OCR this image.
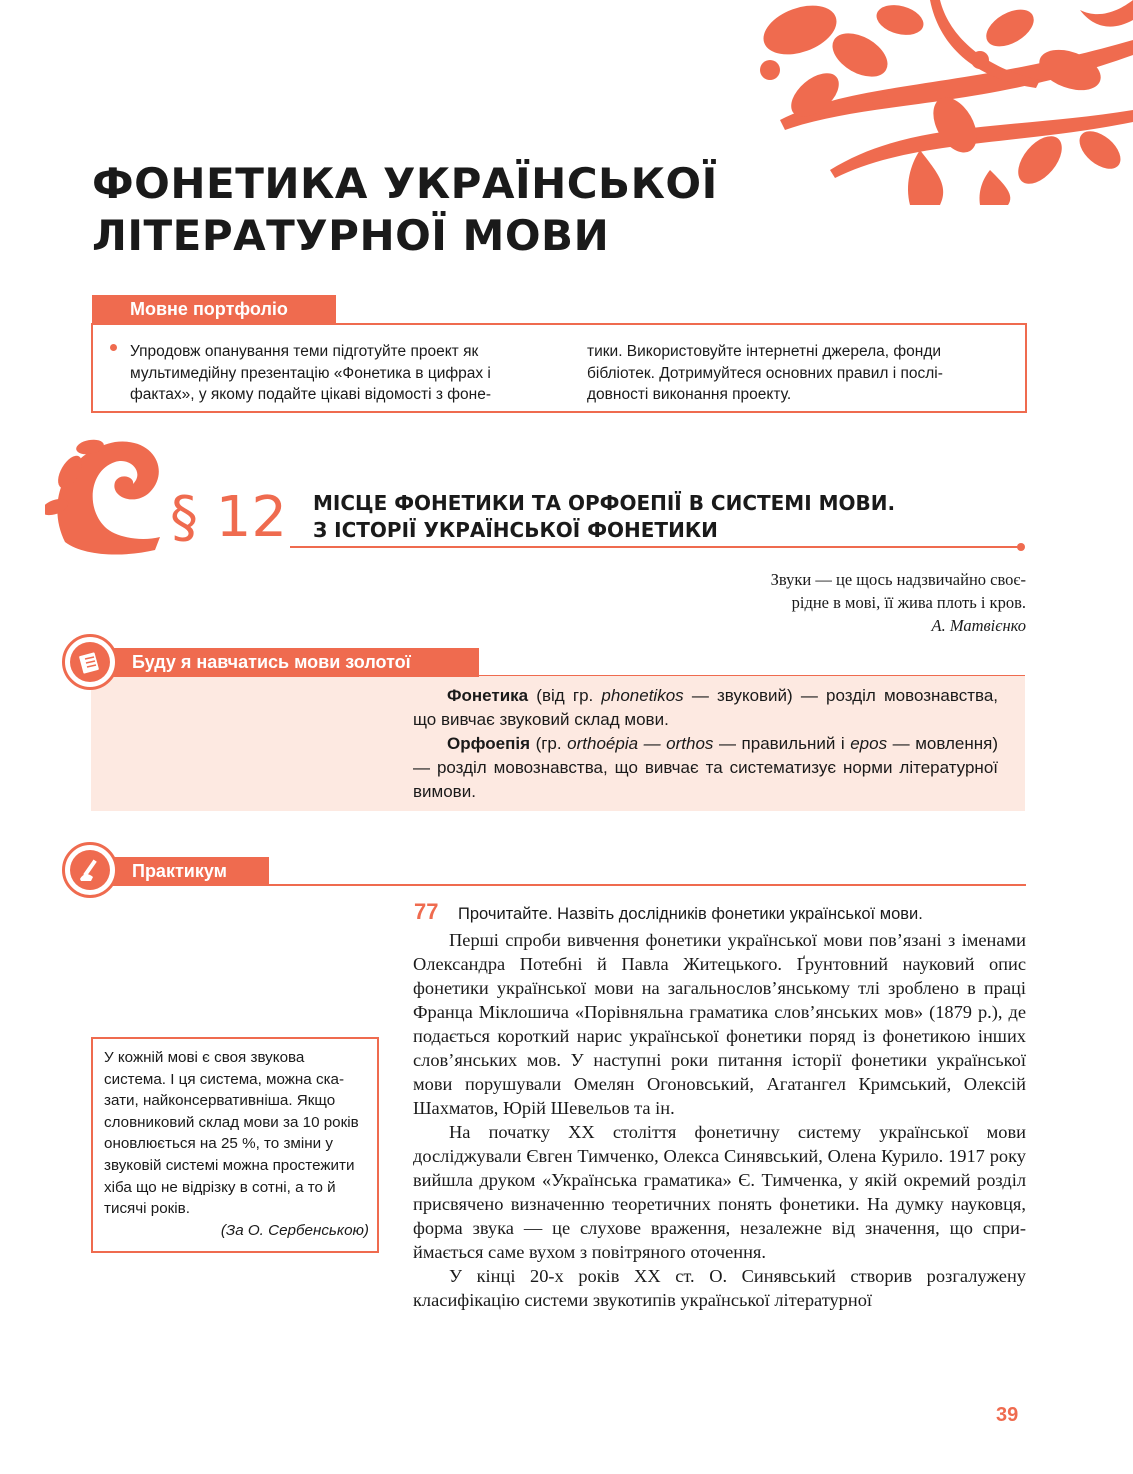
ФОНЕТИКА УКРАЇНСЬКОЇ
ЛІТЕРАТУРНОЇ МОВИ
Мовне портфоліо
Упродовж опанування теми підготуйте проект як мультимедійну презентацію «Фонетика в цифрах і фактах», у якому подайте цікаві відомості з фоне-
тики. Використовуйте інтернетні джерела, фонди бібліотек. Дотримуйтеся основних правил і послідовності виконання проекту.
§ 12 МІСЦЕ ФОНЕТИКИ ТА ОРФОЕПІЇ В СИСТЕМІ МОВИ.
З ІСТОРІЇ УКРАЇНСЬКОЇ ФОНЕТИКИ
Звуки — це щось надзвичайно своє-
рідне в мові, її жива плоть і кров.
А. Матвієнко
Буду я навчатись мови золотої

Фонетика (від гр. phonetikos — звуковий) — розділ мовознавства, що вивчає звуковий склад мови.

Орфоепія (гр. orthoépia — orthos — правильний і epos — мовлення) — розділ мовознавства, що вивчає та систематизує норми літературної вимови.

Практикум
77 Прочитайте. Назвіть дослідників фонетики української мови.

Перші спроби вивчення фонетики української мови пов’язані з іменами Олександра Потебні й Павла Житецького. Ґрунтовний науковий опис фонетики української мови на загальнослов’янському тлі зроблено в праці Франца Міклошича «Порівняльна граматика слов’янських мов» (1879 р.), де подається короткий нарис української фонетики поряд із фонетикою інших слов’янських мов. У наступні роки питання історії фонетики української мови порушували Омелян Огоновський, Агатангел Кримський, Олексій Шахматов, Юрій Шевельов та ін.

На початку ХХ століття фонетичну систему української мови досліджували Євген Тимченко, Олекса Синявський, Олена Курило. 1917 року вийшла друком «Українська граматика» Є. Тимченка, у якій окремий розділ присвячено визначенню теоретичних понять фонетики. На думку науковця, форма звука — це слухове враження, незалежне від значення, що сприймається саме вухом з повітряного оточення.

У кінці 20-х років ХХ ст. О. Синявський створив розгалужену класифікацію системи звукотипів української літературної

У кожній мові є своя звукова система. І ця система, можна сказати, найконсервативніша. Якщо словниковий склад мови за 10 років оновлюється на 25 %, то зміни у звуковій системі можна простежити хіба що не відрізку в сотні, а то й тисячі років.
(За О. Сербенською)
39
